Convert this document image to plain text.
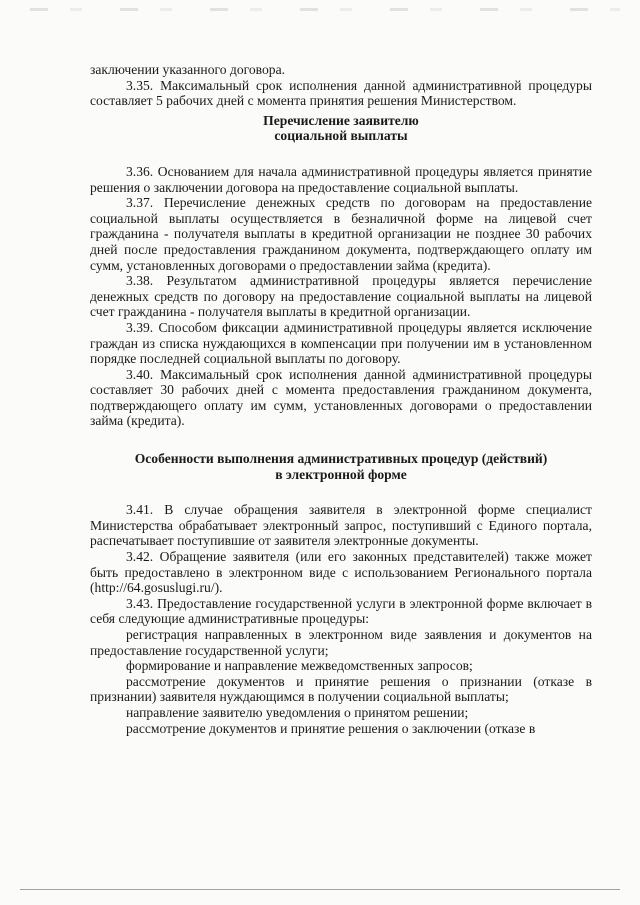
заключении указанного договора.

3.35. Максимальный срок исполнения данной административной процедуры составляет 5 рабочих дней с момента принятия решения Министерством.

Перечисление заявителю

социальной выплаты

3.36. Основанием для начала административной процедуры является принятие решения о заключении договора на предоставление социальной выплаты.

3.37. Перечисление денежных средств по договорам на предоставление социальной выплаты осуществляется в безналичной форме на лицевой счет гражданина - получателя выплаты в кредитной организации не позднее 30 рабочих дней после предоставления гражданином документа, подтверждающего оплату им сумм, установленных договорами о предоставлении займа (кредита).

3.38. Результатом административной процедуры является перечисление денежных средств по договору на предоставление социальной выплаты на лицевой счет гражданина - получателя выплаты в кредитной организации.

3.39. Способом фиксации административной процедуры является исключение граждан из списка нуждающихся в компенсации при получении им в установленном порядке последней социальной выплаты по договору.

3.40. Максимальный срок исполнения данной административной процедуры составляет 30 рабочих дней с момента предоставления гражданином документа, подтверждающего оплату им сумм, установленных договорами о предоставлении займа (кредита).

Особенности выполнения административных процедур (действий)

в электронной форме

3.41. В случае обращения заявителя в электронной форме специалист Министерства обрабатывает электронный запрос, поступивший с Единого портала, распечатывает поступившие от заявителя электронные документы.

3.42. Обращение заявителя (или его законных представителей) также может быть предоставлено в электронном виде с использованием Регионального портала (http://64.gosuslugi.ru/).

3.43. Предоставление государственной услуги в электронной форме включает в себя следующие административные процедуры:

регистрация направленных в электронном виде заявления и документов на предоставление государственной услуги;

формирование и направление межведомственных запросов;

рассмотрение документов и принятие решения о признании (отказе в признании) заявителя нуждающимся в получении социальной выплаты;

направление заявителю уведомления о принятом решении;

рассмотрение документов и принятие решения о заключении (отказе в
